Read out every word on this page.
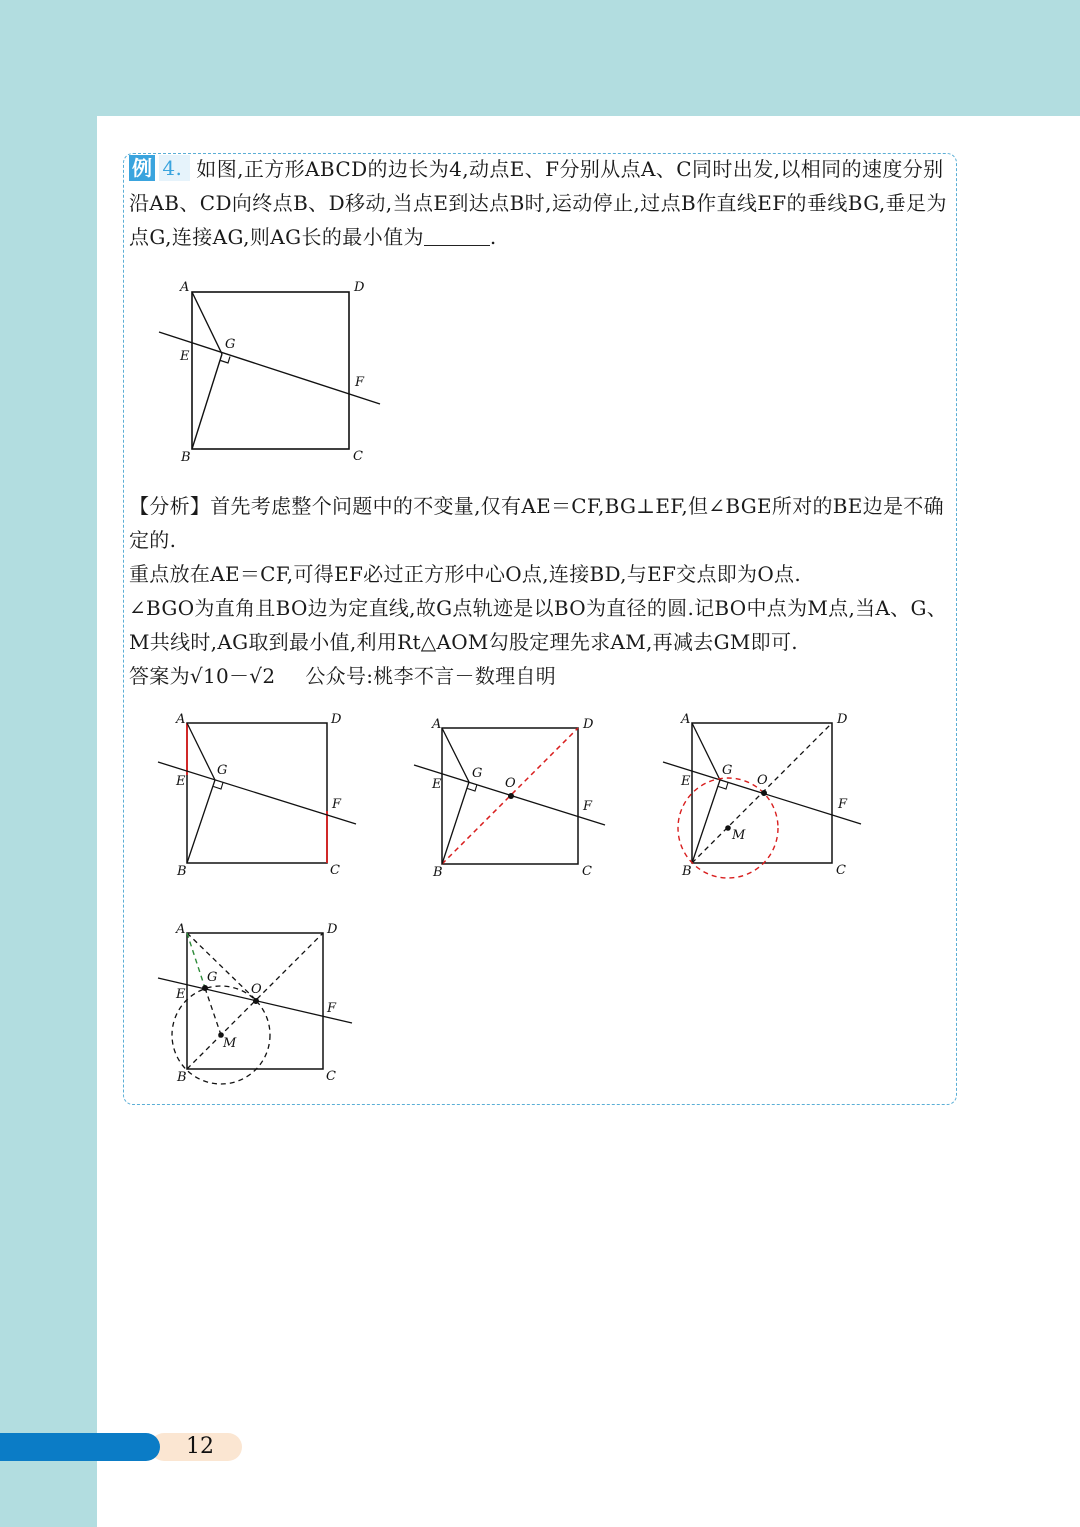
例 4. 如图,正方形ABCD的边长为4,动点E、F分别从点A、C同时出发,以相同的速度分别沿AB、CD向终点B、D移动,当点E到达点B时,运动停止,过点B作直线EF的垂线BG,垂足为点G,连接AG,则AG长的最小值为	.
A	D
E
G
F
B	C

【分析】首先考虑整个问题中的不变量,仅有AE＝CF,BG⊥EF,但∠BGE所对的BE边是不确定的.

重点放在AE＝CF,可得EF必过正方形中心O点,连接BD,与EF交点即为O点.

∠BGO为直角且BO边为定直线,故G点轨迹是以BO为直径的圆.记BO中点为M点,当A、G、M共线时,AG取到最小值,利用Rt△AOM勾股定理先求AM,再减去GM即可.

答案为√10－√2 公众号:桃李不言－数理自明

A	D
E
G
F
B	C
A	D
E
G
O
F
B	C
A	D
E
G
O
M
F
B	C
A	D
E
G
O
M
F
B	C
12
